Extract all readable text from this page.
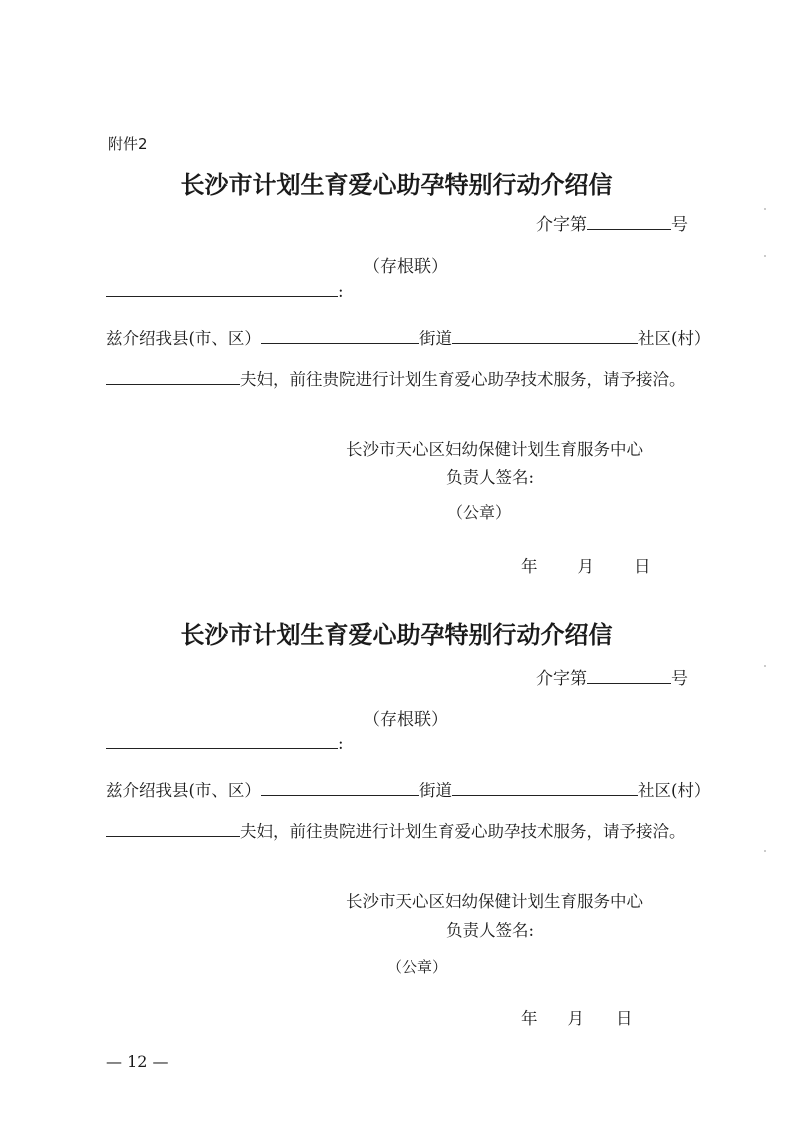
附件2
长沙市计划生育爱心助孕特别行动介绍信
介字第	号
（存根联）
:
兹介绍我县(市、区）	街道	社区(村）
夫妇，前往贵院进行计划生育爱心助孕技术服务，请予接洽。
长沙市天心区妇幼保健计划生育服务中心
负责人签名:
（公章）
年 月 日
长沙市计划生育爱心助孕特别行动介绍信
介字第	号
（存根联）
:
兹介绍我县(市、区）	街道	社区(村）
夫妇，前往贵院进行计划生育爱心助孕技术服务，请予接洽。
长沙市天心区妇幼保健计划生育服务中心
负责人签名:
（公章）
年 月 日
— 12 —
